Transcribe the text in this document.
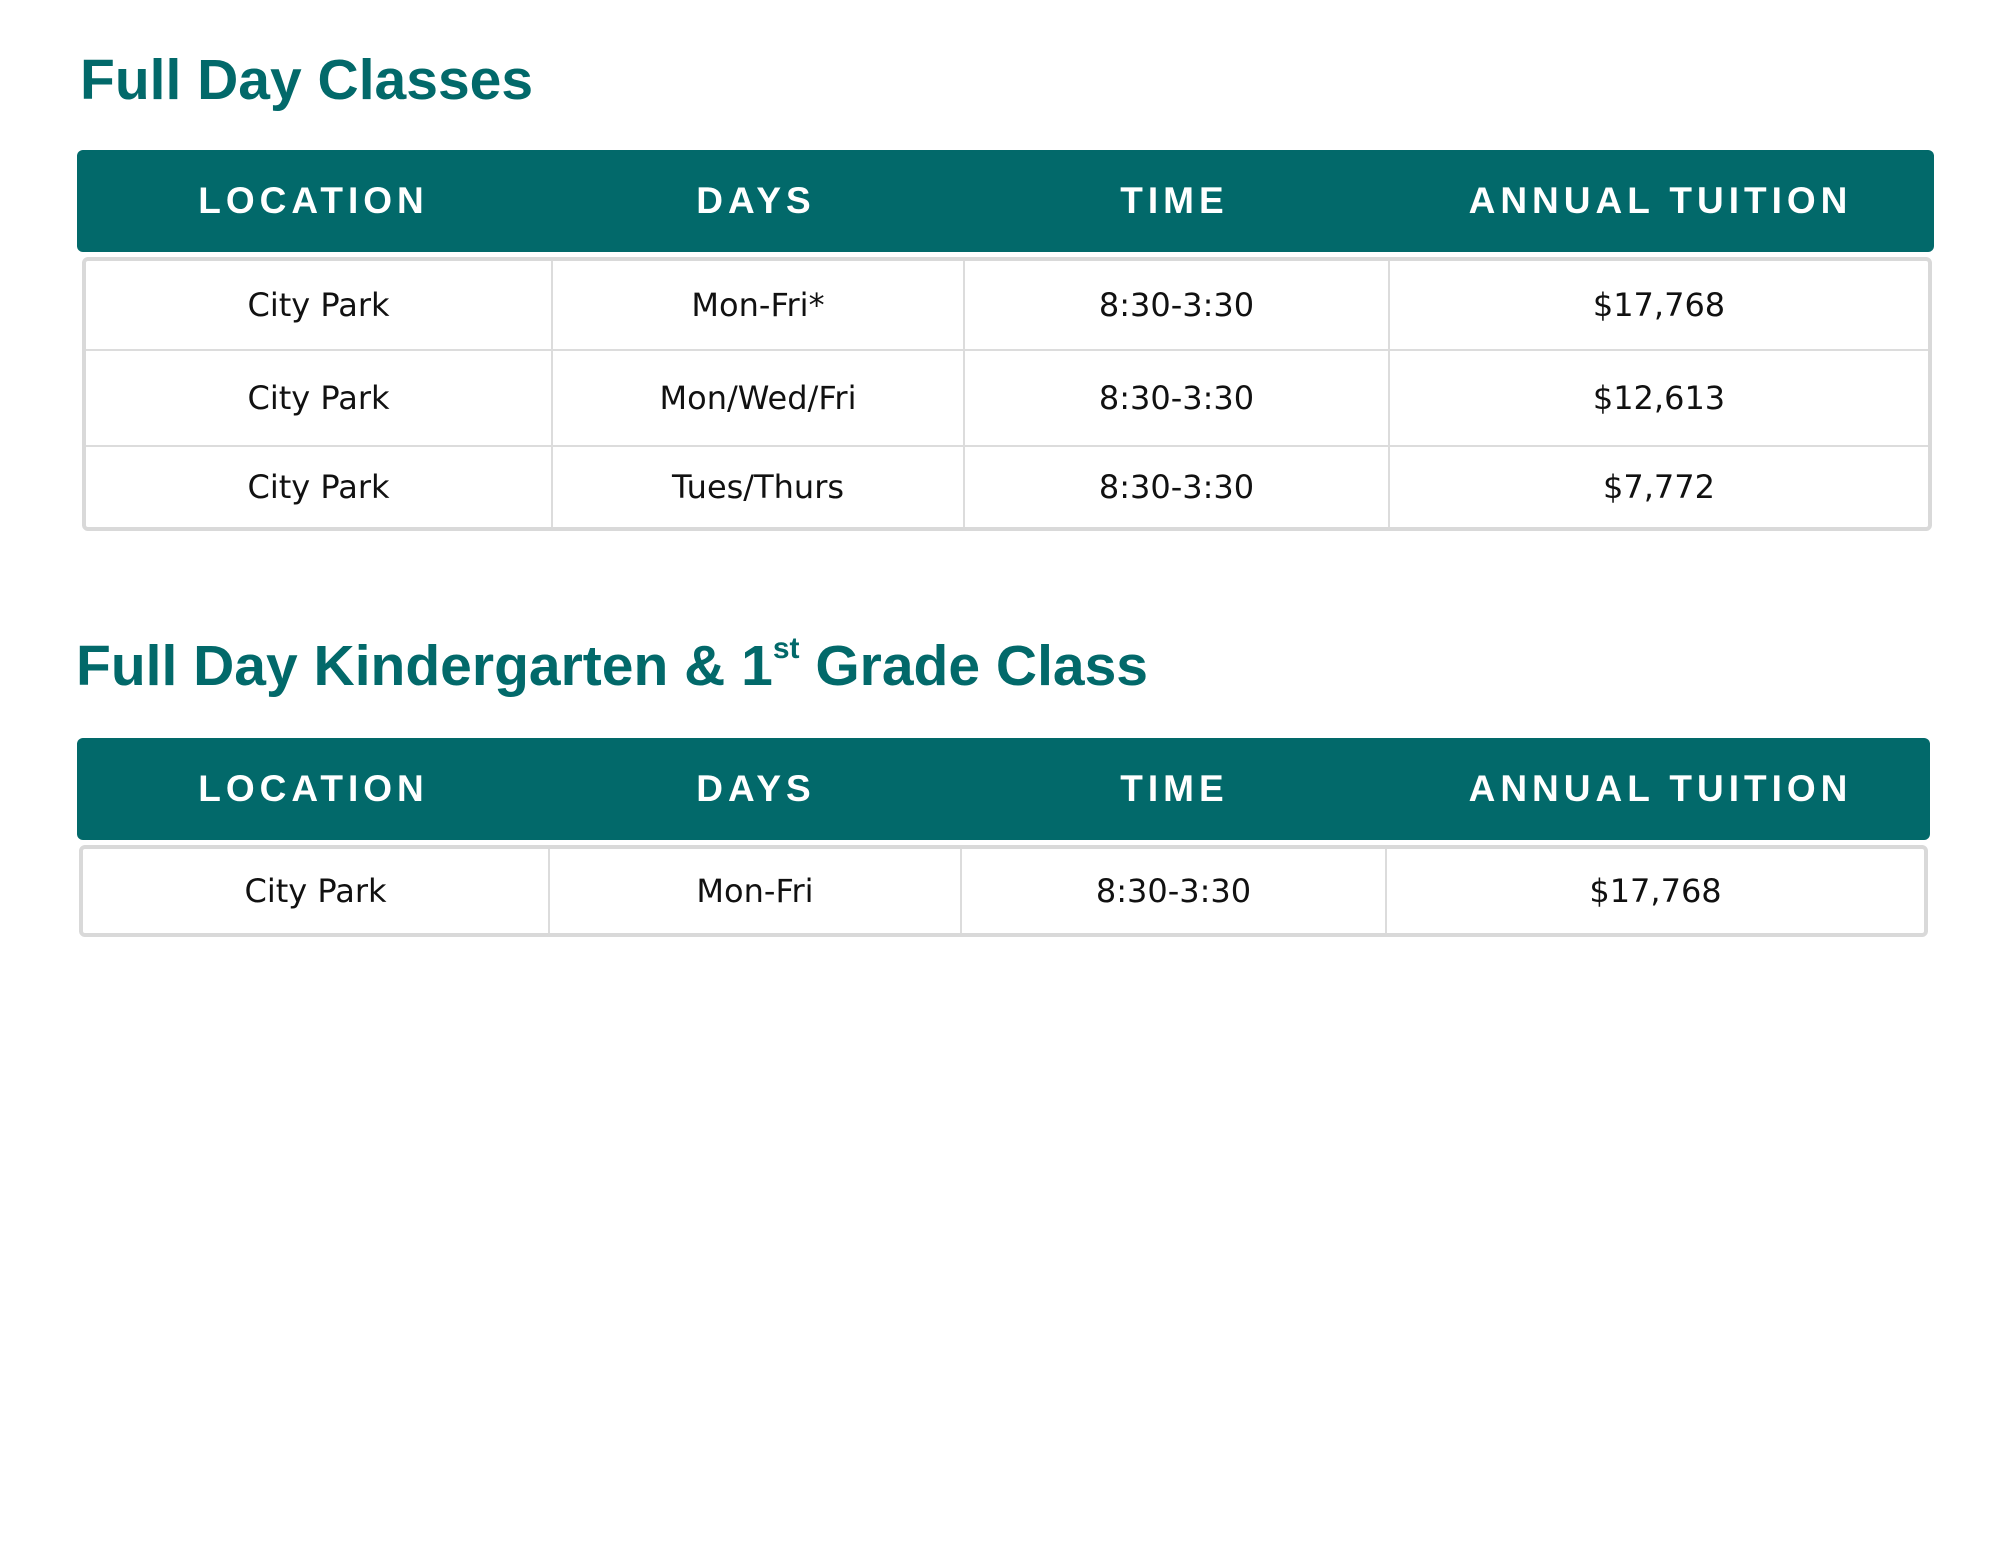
Full Day Classes
LOCATION	DAYS	TIME	ANNUAL TUITION
City Park	Mon-Fri*	8:30-3:30	$17,768
City Park	Mon/Wed/Fri	8:30-3:30	$12,613
City Park	Tues/Thurs	8:30-3:30	$7,772
Full Day Kindergarten & 1st Grade Class
LOCATION	DAYS	TIME	ANNUAL TUITION
City Park	Mon-Fri	8:30-3:30	$17,768
